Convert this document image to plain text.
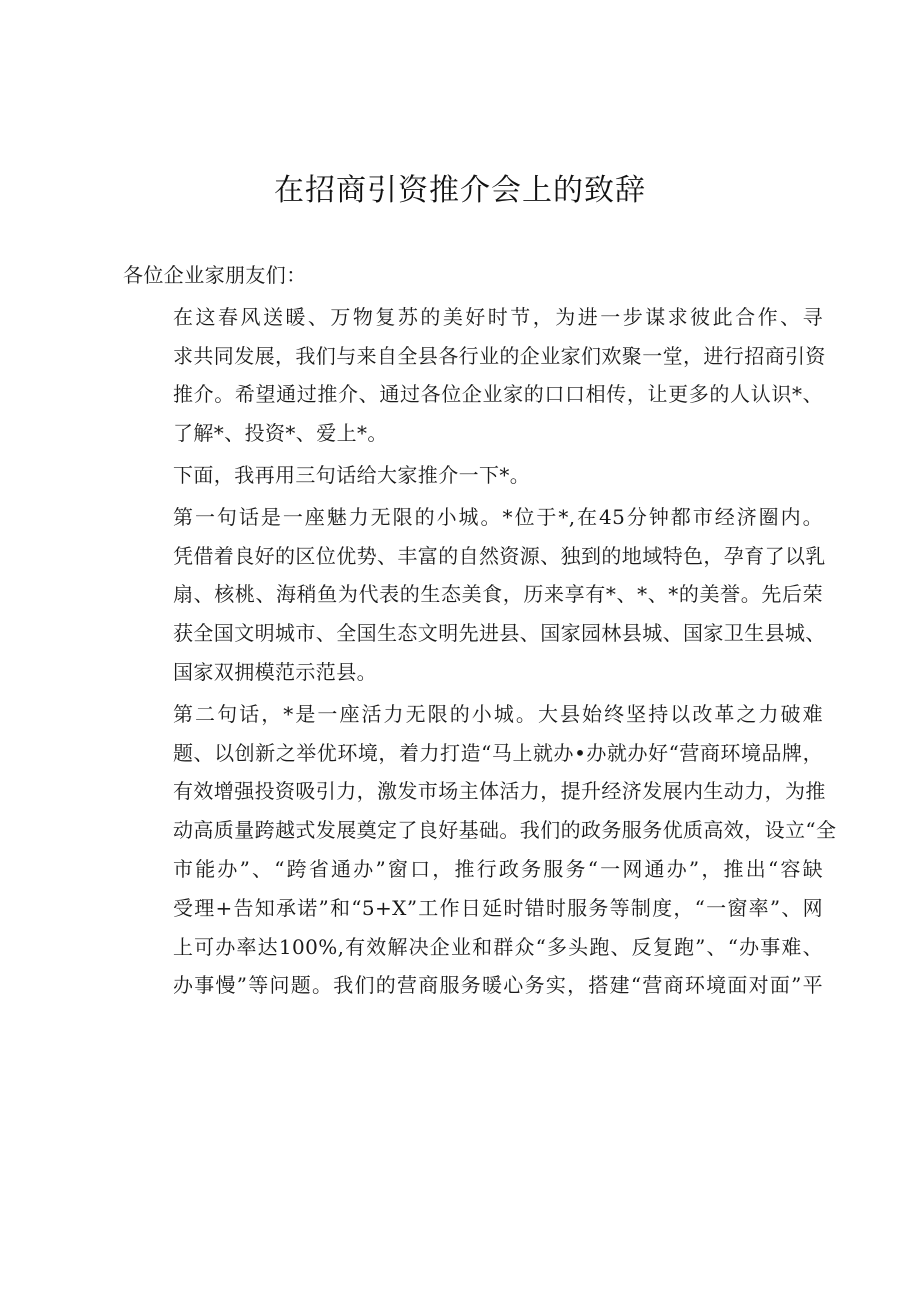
在招商引资推介会上的致辞

各位企业家朋友们：

在这春风送暖、万物复苏的美好时节，为进一步谋求彼此合作、寻
求共同发展，我们与来自全县各行业的企业家们欢聚一堂，进行招商引资
推介。希望通过推介、通过各位企业家的口口相传，让更多的人认识*、
了解*、投资*、爱上*。

下面，我再用三句话给大家推介一下*。

第一句话是一座魅力无限的小城。*位于*,在45分钟都市经济圈内。
凭借着良好的区位优势、丰富的自然资源、独到的地域特色，孕育了以乳
扇、核桃、海稍鱼为代表的生态美食，历来享有*、*、*的美誉。先后荣
获全国文明城市、全国生态文明先进县、国家园林县城、国家卫生县城、
国家双拥模范示范县。

第二句话，*是一座活力无限的小城。大县始终坚持以改革之力破难
题、以创新之举优环境，着力打造“马上就办•办就办好“营商环境品牌，
有效增强投资吸引力，激发市场主体活力，提升经济发展内生动力，为推
动高质量跨越式发展奠定了良好基础。我们的政务服务优质高效，设立“全
市能办”、“跨省通办”窗口，推行政务服务“一网通办”，推出“容缺
受理+告知承诺”和“5+X”工作日延时错时服务等制度，“一窗率”、网
上可办率达100%,有效解决企业和群众“多头跑、反复跑”、“办事难、
办事慢”等问题。我们的营商服务暖心务实，搭建“营商环境面对面”平
